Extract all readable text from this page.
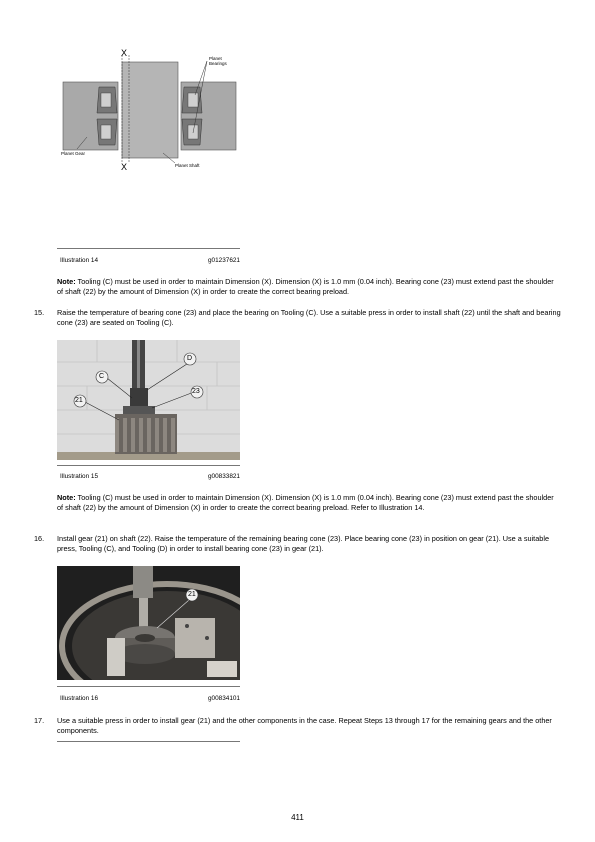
X
X
Planet
Bearings
Planet Gear
Planet Shaft
Illustration 14	g01237621
Note: Tooling (C) must be used in order to maintain Dimension (X). Dimension (X) is 1.0 mm (0.04 inch). Bearing cone (23) must extend past the shoulder of shaft (22) by the amount of Dimension (X) in order to create the correct bearing preload.
15. Raise the temperature of bearing cone (23) and place the bearing on Tooling (C). Use a suitable press in order to install shaft (22) until the shaft and bearing cone (23) are seated on Tooling (C).
D
C
23
21
Illustration 15	g00833821
Note: Tooling (C) must be used in order to maintain Dimension (X). Dimension (X) is 1.0 mm (0.04 inch). Bearing cone (23) must extend past the shoulder of shaft (22) by the amount of Dimension (X) in order to create the correct bearing preload. Refer to Illustration 14.
16. Install gear (21) on shaft (22). Raise the temperature of the remaining bearing cone (23). Place bearing cone (23) in position on gear (21). Use a suitable press, Tooling (C), and Tooling (D) in order to install bearing cone (23) in gear (21).
21
Illustration 16	g00834101
17. Use a suitable press in order to install gear (21) and the other components in the case. Repeat Steps 13 through 17 for the remaining gears and the other components.
411
